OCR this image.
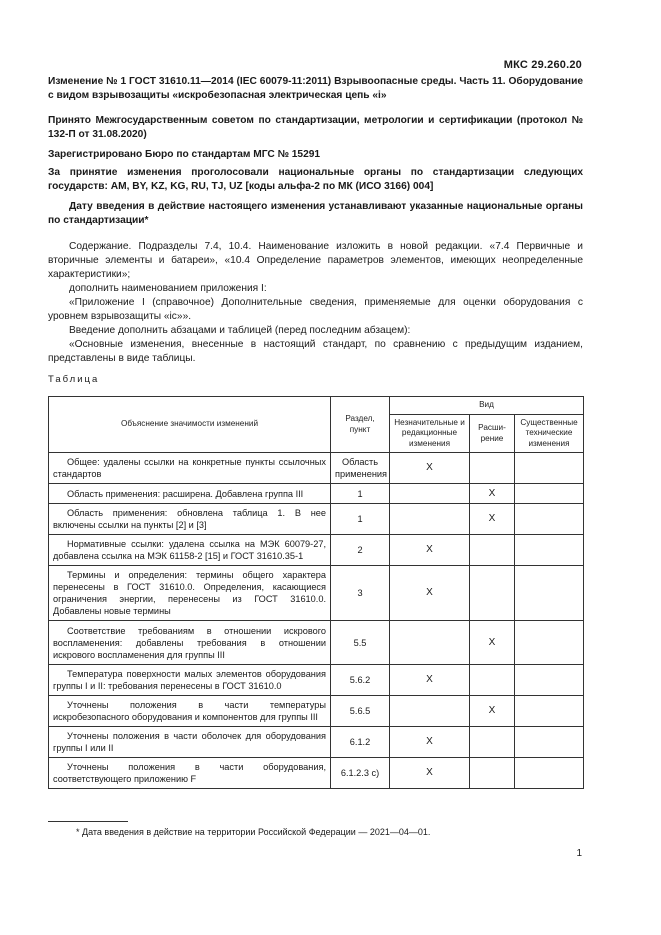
МКС 29.260.20

Изменение № 1 ГОСТ 31610.11—2014 (IEC 60079-11:2011) Взрывоопасные среды. Часть 11. Оборудование с видом взрывозащиты «искробезопасная электрическая цепь «i»

Принято Межгосударственным советом по стандартизации, метрологии и сертификации (протокол № 132-П от 31.08.2020)

Зарегистрировано Бюро по стандартам МГС № 15291

За принятие изменения проголосовали национальные органы по стандартизации следующих государств: AM, BY, KZ, KG, RU, TJ, UZ [коды альфа-2 по МК (ИСО 3166) 004]

Дату введения в действие настоящего изменения устанавливают указанные национальные органы по стандартизации*

Содержание. Подразделы 7.4, 10.4. Наименование изложить в новой редакции. «7.4 Первичные и вторичные элементы и батареи», «10.4 Определение параметров элементов, имеющих неопределенные характеристики»;

дополнить наименованием приложения I:

«Приложение I (справочное) Дополнительные сведения, применяемые для оценки оборудования с уровнем взрывозащиты «ic»».

Введение дополнить абзацами и таблицей (перед последним абзацем):

«Основные изменения, внесенные в настоящий стандарт, по сравнению с предыдущим изданием, представлены в виде таблицы.

Таблица
Объяснение значимости изменений	Раздел, пункт	Вид		
		Незначительные и редакционные изменения	Расши-рение	Существенные технические изменения
Общее: удалены ссылки на конкретные пункты ссылочных стандартов	Область применения	X		
Область применения: расширена. Добавлена группа III	1		X	
Область применения: обновлена таблица 1. В нее включены ссылки на пункты [2] и [3]	1		X	
Нормативные ссылки: удалена ссылка на МЭК 60079-27, добавлена ссылка на МЭК 61158-2 [15] и ГОСТ 31610.35-1	2	X		
Термины и определения: термины общего характера перенесены в ГОСТ 31610.0. Определения, касающиеся ограничения энергии, перенесены из ГОСТ 31610.0. Добавлены новые термины	3	X		
Соответствие требованиям в отношении искрового воспламенения: добавлены требования в отношении искрового воспламенения для группы III	5.5		X	
Температура поверхности малых элементов оборудования группы I и II: требования перенесены в ГОСТ 31610.0	5.6.2	X		
Уточнены положения в части температуры искробезопасного оборудования и компонентов для группы III	5.6.5		X	
Уточнены положения в части оболочек для оборудования группы I или II	6.1.2	X		
Уточнены положения в части оборудования, соответствующего приложению F	6.1.2.3 c)	X		
* Дата введения в действие на территории Российской Федерации — 2021—04—01.
1
